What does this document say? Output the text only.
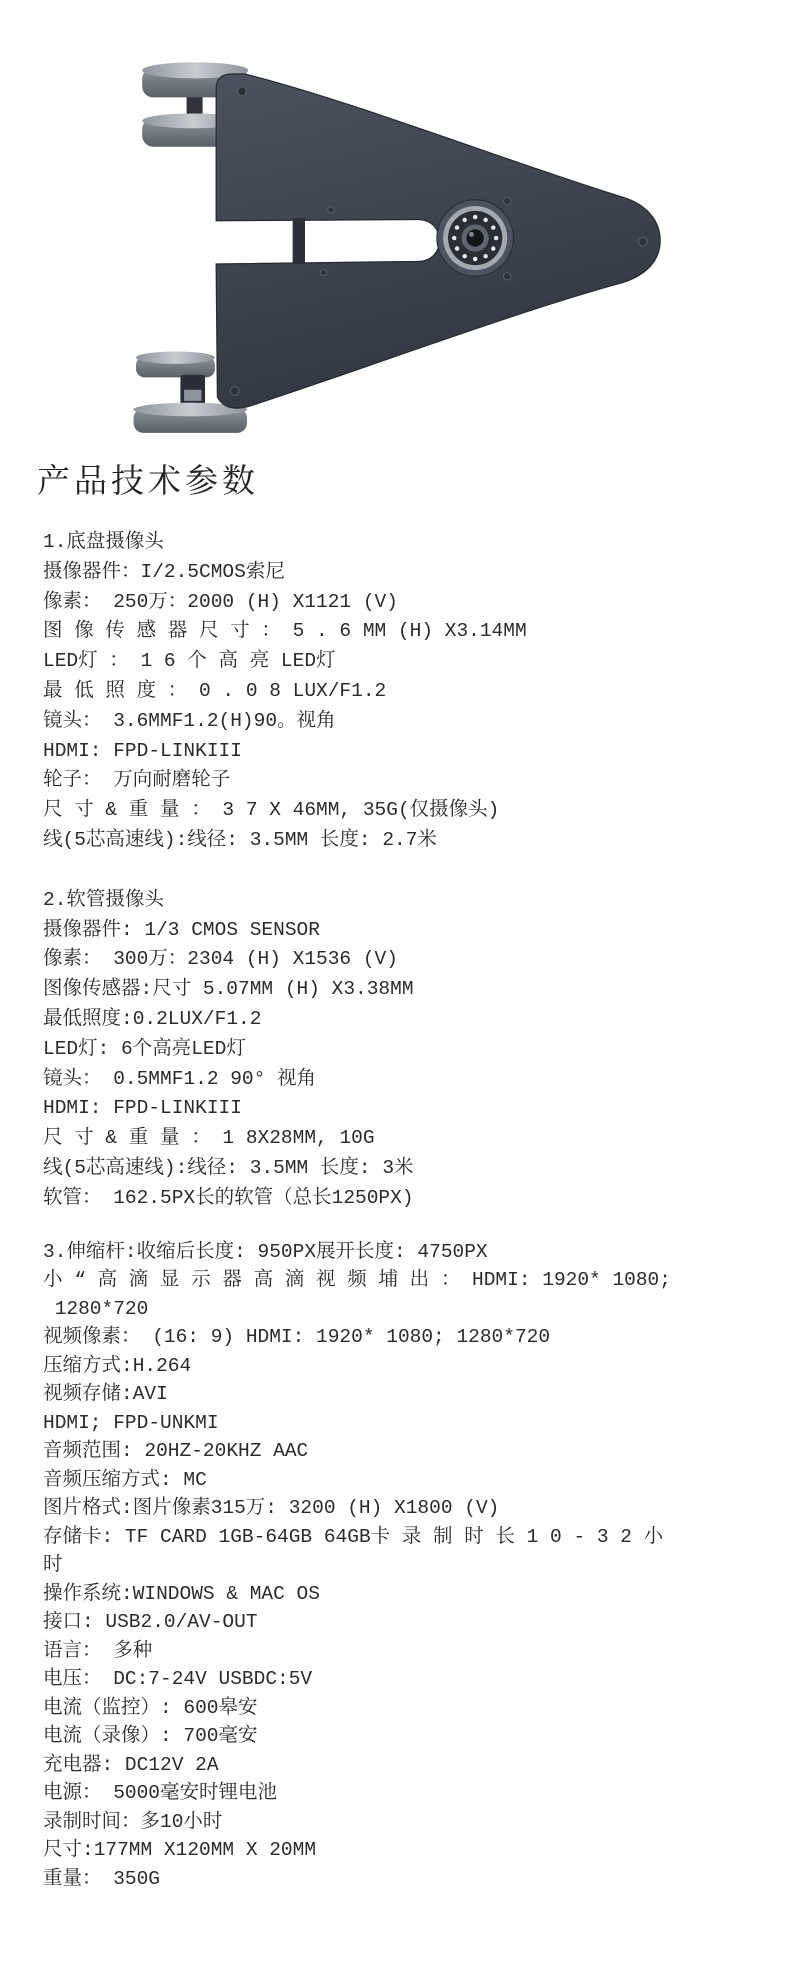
产品技术参数
1.底盘摄像头
摄像器件：I/2.5CMOS索尼
像素： 250万：2000 (H) X1121 (V)
图 像 传 感 器 尺 寸 ： 5 . 6 MM (H) X3.14MM
LED灯 ： 1 6 个 高 亮 LED灯
最 低 照 度 ： 0 . 0 8 LUX/F1.2
镜头： 3.6MMF1.2(H)90。视角
HDMI: FPD-LINKIII
轮子： 万向耐磨轮子
尺 寸 & 重 量 ： 3 7 X 46MM, 35G(仅摄像头)
线(5芯高速线):线径: 3.5MM 长度: 2.7米
2.软管摄像头
摄像器件: 1/3 CMOS SENSOR
像素： 300万：2304 (H) X1536 (V)
图像传感器:尺寸 5.07MM (H) X3.38MM
最低照度:0.2LUX/F1.2
LED灯: 6个高亮LED灯
镜头： 0.5MMF1.2 90° 视角
HDMI: FPD-LINKIII
尺 寸 & 重 量 ： 1 8X28MM, 10G
线(5芯高速线):线径: 3.5MM 长度: 3米
软管： 162.5PX长的软管（总长1250PX)
3.伸缩杆:收缩后长度: 950PX展开长度: 4750PX
小 “ 高 滴 显 示 器 高 滴 视 频 埔 出 ： HDMI: 1920* 1080;
1280*720
视频像素： (16: 9) HDMI: 1920* 1080; 1280*720
压缩方式:H.264
视频存储:AVI
HDMI; FPD-UNKMI
音频范围: 20HZ-20KHZ AAC
音频压缩方式: MC
图片格式:图片像素315万: 3200 (H) X1800 (V)
存储卡: TF CARD 1GB-64GB 64GB卡 录 制 时 长 1 0 - 3 2 小
时
操作系统:WINDOWS & MAC OS
接口: USB2.0/AV-OUT
语言： 多种
电压： DC:7-24V USBDC:5V
电流（监控）: 600皋安
电流（录像）: 700毫安
充电器: DC12V 2A
电源： 5000毫安时锂电池
录制时间：多10小时
尺寸:177MM X120MM X 20MM
重量： 350G
